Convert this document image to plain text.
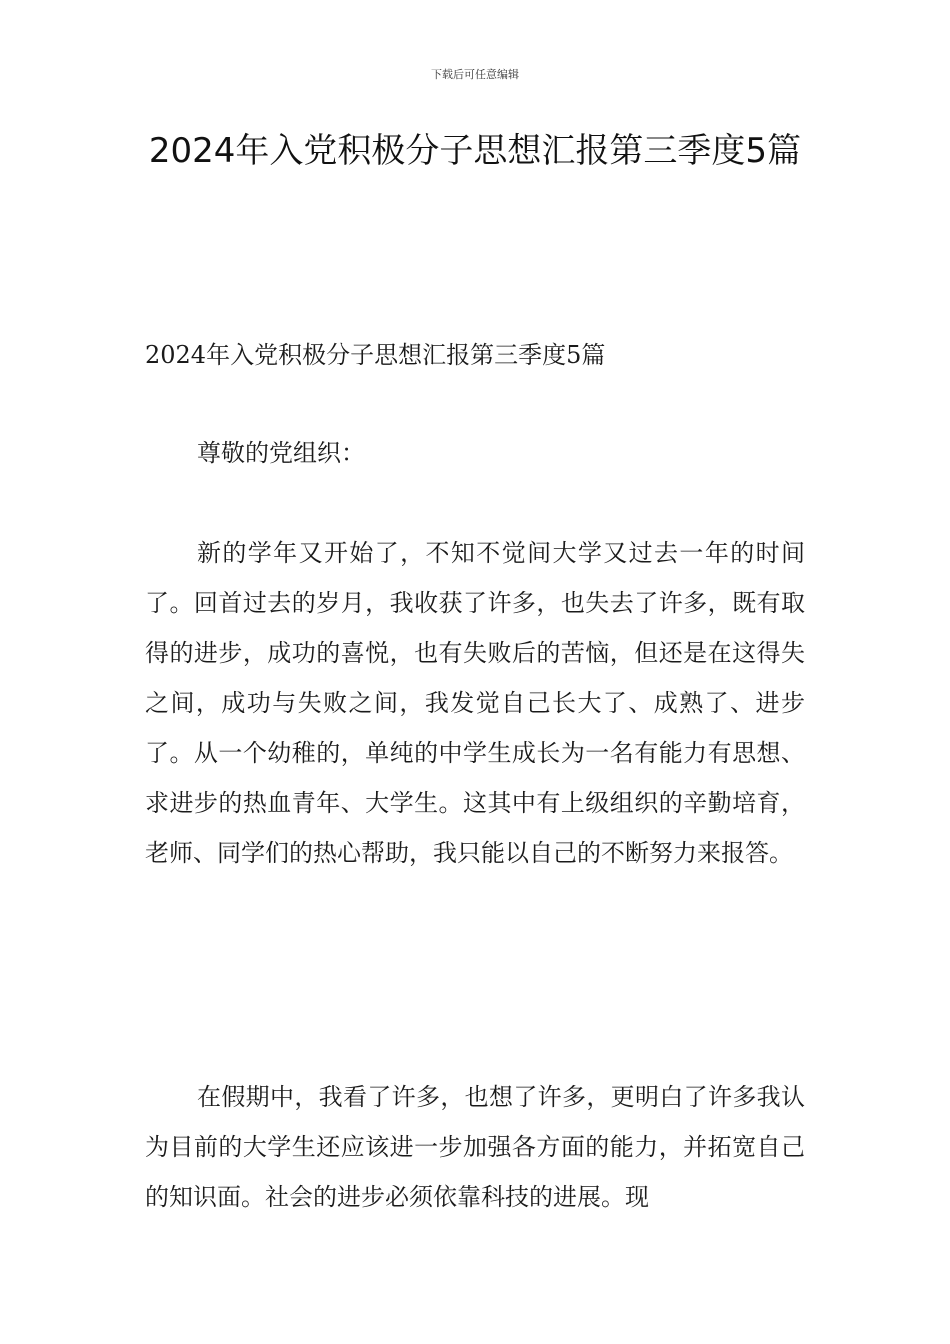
下载后可任意编辑
2024年入党积极分子思想汇报第三季度5篇

2024年入党积极分子思想汇报第三季度5篇

尊敬的党组织：

新的学年又开始了，不知不觉间大学又过去一年的时间了。回首过去的岁月，我收获了许多，也失去了许多，既有取得的进步，成功的喜悦，也有失败后的苦恼，但还是在这得失之间，成功与失败之间，我发觉自己长大了、成熟了、进步了。从一个幼稚的，单纯的中学生成长为一名有能力有思想、求进步的热血青年、大学生。这其中有上级组织的辛勤培育，老师、同学们的热心帮助，我只能以自己的不断努力来报答。

在假期中，我看了许多，也想了许多，更明白了许多我认为目前的大学生还应该进一步加强各方面的能力，并拓宽自己的知识面。社会的进步必须依靠科技的进展。现
